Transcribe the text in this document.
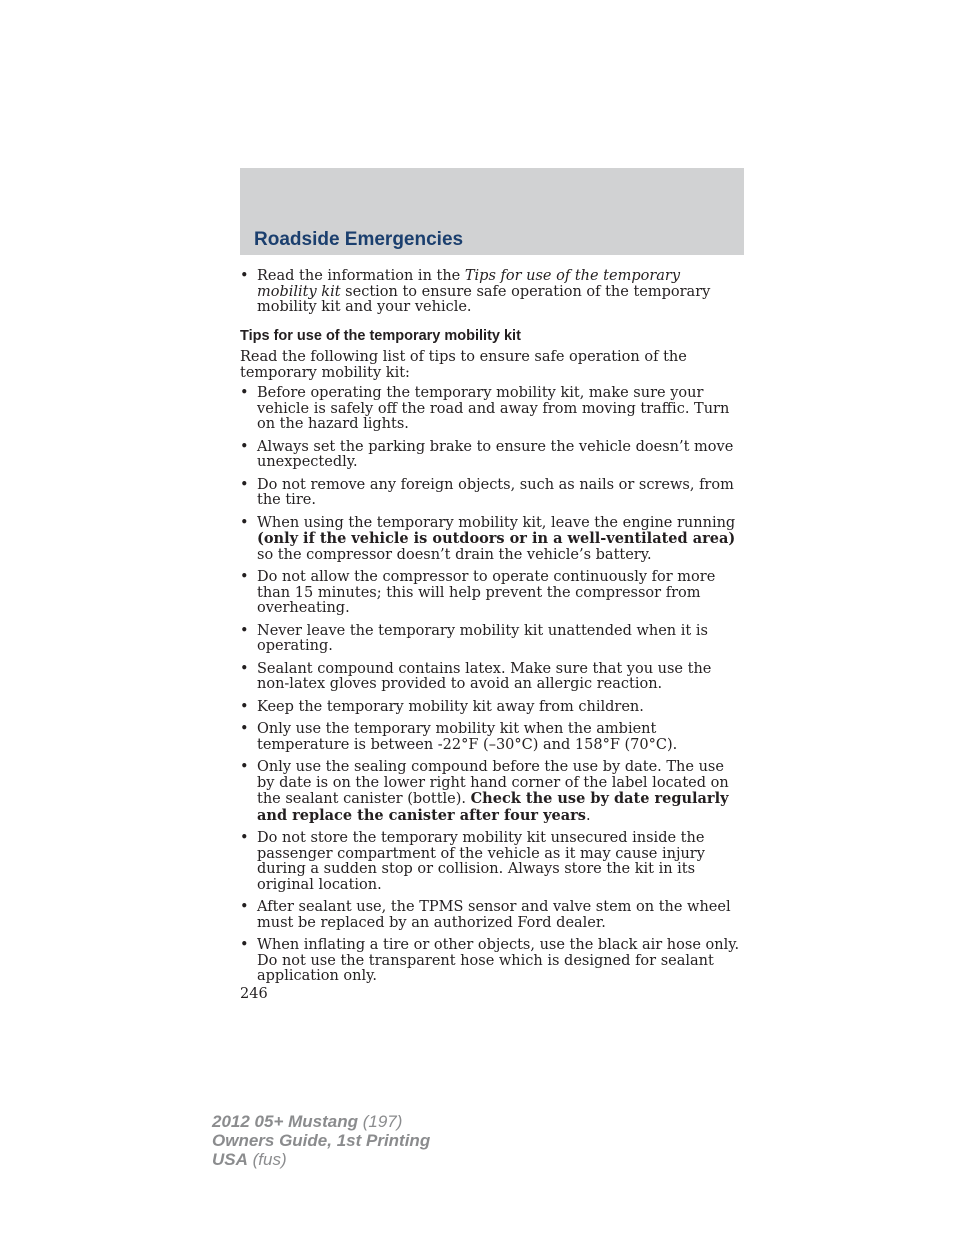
Roadside Emergencies
• Read the information in the Tips for use of the temporary mobility kit section to ensure safe operation of the temporary mobility kit and your vehicle.
Tips for use of the temporary mobility kit

Read the following list of tips to ensure safe operation of the temporary mobility kit:

• Before operating the temporary mobility kit, make sure your vehicle is safely off the road and away from moving traffic. Turn on the hazard lights.
• Always set the parking brake to ensure the vehicle doesn’t move unexpectedly.
• Do not remove any foreign objects, such as nails or screws, from the tire.
• When using the temporary mobility kit, leave the engine running (only if the vehicle is outdoors or in a well-ventilated area) so the compressor doesn’t drain the vehicle’s battery.
• Do not allow the compressor to operate continuously for more than 15 minutes; this will help prevent the compressor from overheating.
• Never leave the temporary mobility kit unattended when it is operating.
• Sealant compound contains latex. Make sure that you use the non-latex gloves provided to avoid an allergic reaction.
• Keep the temporary mobility kit away from children.
• Only use the temporary mobility kit when the ambient temperature is between -22°F (–30°C) and 158°F (70°C).
• Only use the sealing compound before the use by date. The use by date is on the lower right hand corner of the label located on the sealant canister (bottle). Check the use by date regularly and replace the canister after four years.
• Do not store the temporary mobility kit unsecured inside the passenger compartment of the vehicle as it may cause injury during a sudden stop or collision. Always store the kit in its original location.
• After sealant use, the TPMS sensor and valve stem on the wheel must be replaced by an authorized Ford dealer.
• When inflating a tire or other objects, use the black air hose only. Do not use the transparent hose which is designed for sealant application only.
246
2012 05+ Mustang (197)
Owners Guide, 1st Printing
USA (fus)
